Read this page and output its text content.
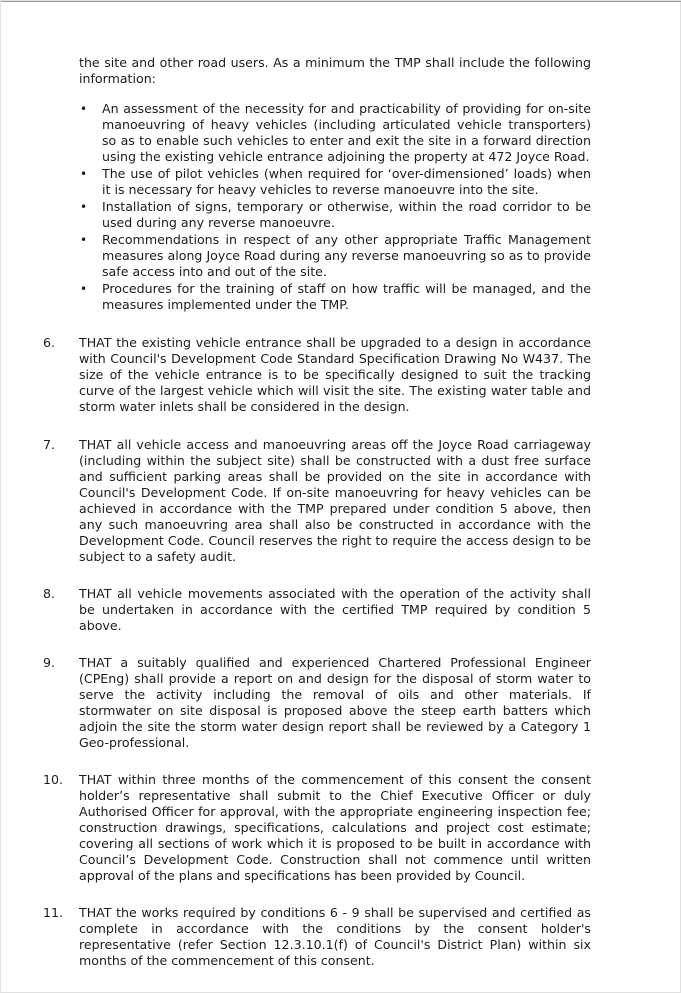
the site and other road users. As a minimum the TMP shall include the following information:

• An assessment of the necessity for and practicability of providing for on-site manoeuvring of heavy vehicles (including articulated vehicle transporters) so as to enable such vehicles to enter and exit the site in a forward direction using the existing vehicle entrance adjoining the property at 472 Joyce Road.
• The use of pilot vehicles (when required for ‘over-dimensioned’ loads) when it is necessary for heavy vehicles to reverse manoeuvre into the site.
• Installation of signs, temporary or otherwise, within the road corridor to be used during any reverse manoeuvre.
• Recommendations in respect of any other appropriate Traffic Management measures along Joyce Road during any reverse manoeuvring so as to provide safe access into and out of the site.
• Procedures for the training of staff on how traffic will be managed, and the measures implemented under the TMP.
6. THAT the existing vehicle entrance shall be upgraded to a design in accordance with Council's Development Code Standard Specification Drawing No W437. The size of the vehicle entrance is to be specifically designed to suit the tracking curve of the largest vehicle which will visit the site. The existing water table and storm water inlets shall be considered in the design.
7. THAT all vehicle access and manoeuvring areas off the Joyce Road carriageway (including within the subject site) shall be constructed with a dust free surface and sufficient parking areas shall be provided on the site in accordance with Council's Development Code. If on-site manoeuvring for heavy vehicles can be achieved in accordance with the TMP prepared under condition 5 above, then any such manoeuvring area shall also be constructed in accordance with the Development Code. Council reserves the right to require the access design to be subject to a safety audit.
8. THAT all vehicle movements associated with the operation of the activity shall be undertaken in accordance with the certified TMP required by condition 5 above.
9. THAT a suitably qualified and experienced Chartered Professional Engineer (CPEng) shall provide a report on and design for the disposal of storm water to serve the activity including the removal of oils and other materials. If stormwater on site disposal is proposed above the steep earth batters which adjoin the site the storm water design report shall be reviewed by a Category 1 Geo-professional.
10. THAT within three months of the commencement of this consent the consent holder’s representative shall submit to the Chief Executive Officer or duly Authorised Officer for approval, with the appropriate engineering inspection fee; construction drawings, specifications, calculations and project cost estimate; covering all sections of work which it is proposed to be built in accordance with Council’s Development Code. Construction shall not commence until written approval of the plans and specifications has been provided by Council.
11. THAT the works required by conditions 6 - 9 shall be supervised and certified as complete in accordance with the conditions by the consent holder's representative (refer Section 12.3.10.1(f) of Council's District Plan) within six months of the commencement of this consent.
